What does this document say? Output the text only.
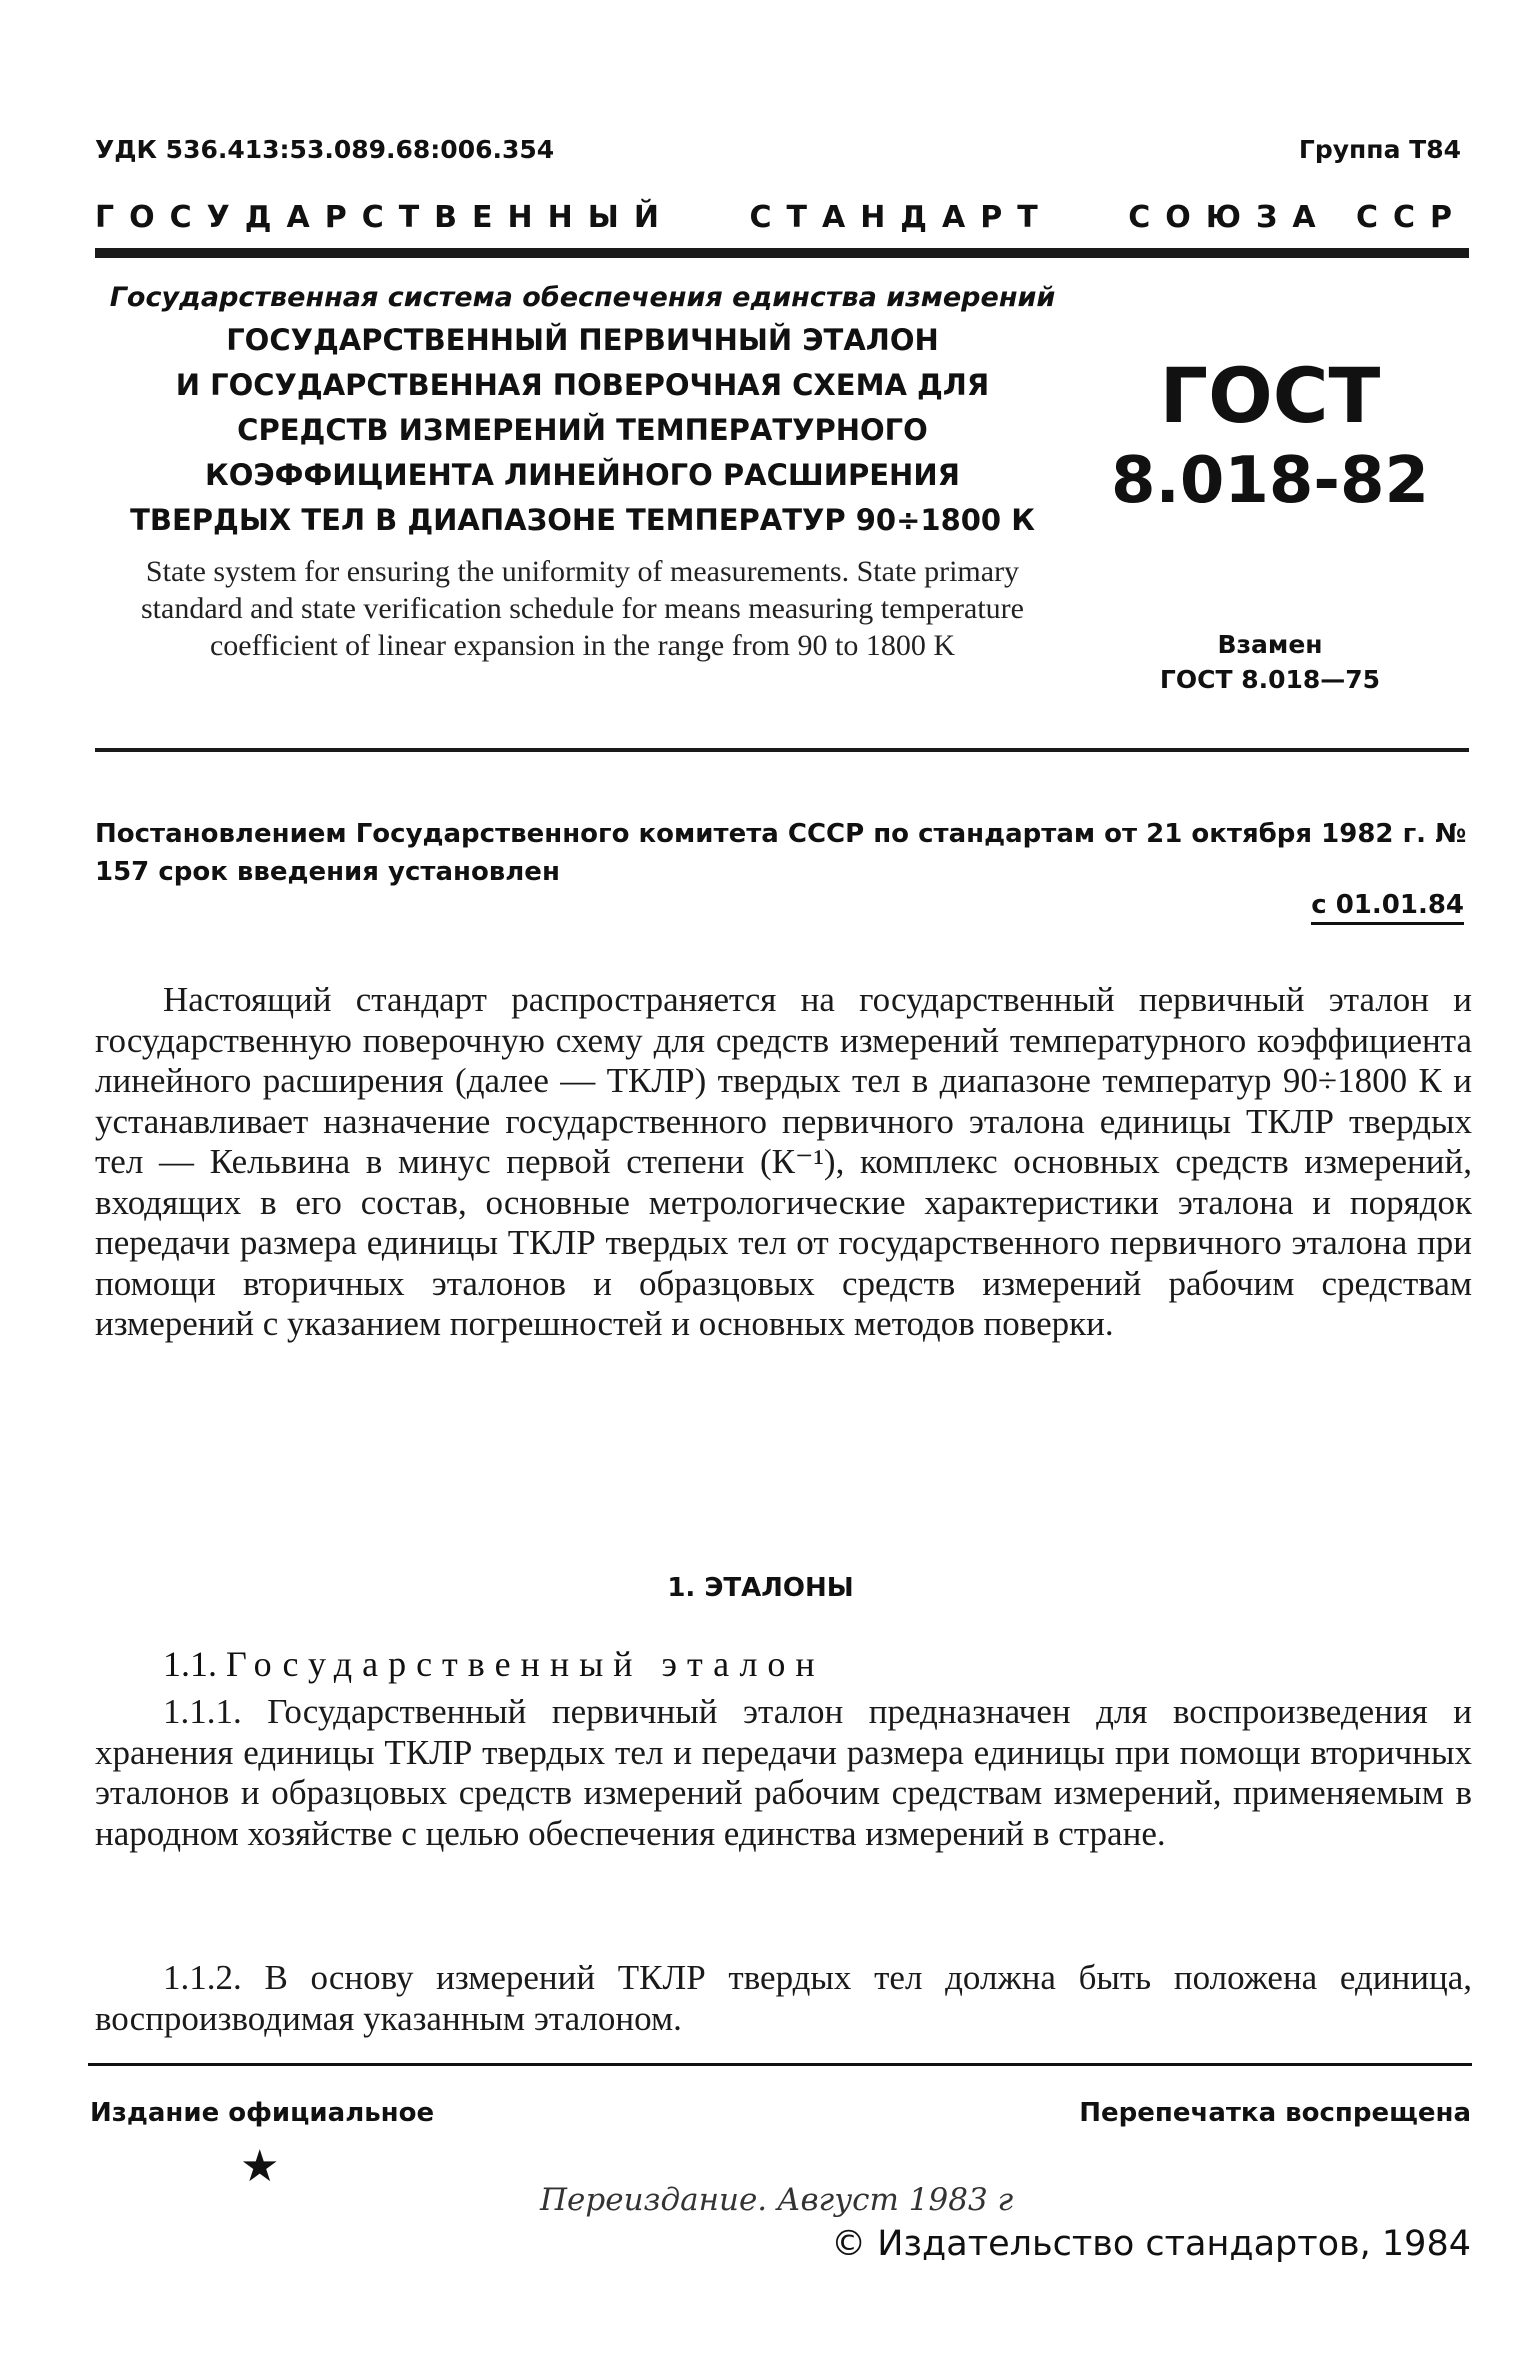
УДК 536.413:53.089.68:006.354	Группа Т84
ГОСУДАРСТВЕННЫЙ	СТАНДАРТ	СОЮЗА ССР
Государственная система обеспечения единства измерений
ГОСУДАРСТВЕННЫЙ ПЕРВИЧНЫЙ ЭТАЛОН
И ГОСУДАРСТВЕННАЯ ПОВЕРОЧНАЯ СХЕМА ДЛЯ
СРЕДСТВ ИЗМЕРЕНИЙ ТЕМПЕРАТУРНОГО
КОЭФФИЦИЕНТА ЛИНЕЙНОГО РАСШИРЕНИЯ
ТВЕРДЫХ ТЕЛ В ДИАПАЗОНЕ ТЕМПЕРАТУР 90÷1800 К
State system for ensuring the uniformity of measurements. State primary standard and state verification schedule for means measuring temperature coefficient of linear expansion in the range from 90 to 1800 K
ГОСТ
8.018-82
Взамен
ГОСТ 8.018—75
Постановлением Государственного комитета СССР по стандартам от 21 октября 1982 г. № 157 срок введения установлен
с 01.01.84
Настоящий стандарт распространяется на государственный первичный эталон и государственную поверочную схему для средств измерений температурного коэффициента линейного расширения (далее — ТКЛР) твердых тел в диапазоне температур 90÷1800 К и устанавливает назначение государственного первичного эталона единицы ТКЛР твердых тел — Кельвина в минус первой степени (К⁻¹), комплекс основных средств измерений, входящих в его состав, основные метрологические характеристики эталона и порядок передачи размера единицы ТКЛР твердых тел от государственного первичного эталона при помощи вторичных эталонов и образцовых средств измерений рабочим средствам измерений с указанием погрешностей и основных методов поверки.
1. ЭТАЛОНЫ
1.1. Государственный эталон
1.1.1. Государственный первичный эталон предназначен для воспроизведения и хранения единицы ТКЛР твердых тел и передачи размера единицы при помощи вторичных эталонов и образцовых средств измерений рабочим средствам измерений, применяемым в народном хозяйстве с целью обеспечения единства измерений в стране.
1.1.2. В основу измерений ТКЛР твердых тел должна быть положена единица, воспроизводимая указанным эталоном.
Издание официальное	Перепечатка воспрещена
★
Переиздание. Август 1983 г
© Издательство стандартов, 1984
